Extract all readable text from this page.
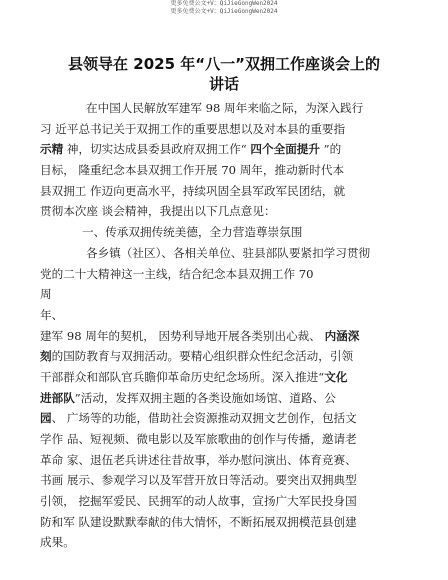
更多免费公文+V：QiJieGongWen2024
更多免费公文+V：QiJieGongWen2024
县领导在 2025 年“八一”双拥工作座谈会上的
讲话
在中国人民解放军建军 98 周年来临之际，为深入践行
习 近平总书记关于双拥工作的重要思想以及对本县的重要指
示精 神，切实达成县委县政府双拥工作“ 四个全面提升 ”的
目标， 隆重纪念本县双拥工作开展 70 周年，推动新时代本
县双拥工 作迈向更高水平，持续巩固全县军政军民团结，就
贯彻本次座 谈会精神，我提出以下几点意见：
一、传承双拥传统美德，全力营造尊崇氛围
各乡镇（社区）、各相关单位、驻县部队要紧扣学习贯彻
党的二十大精神这一主线，结合纪念本县双拥工作 70
周
年、
建军 98 周年的契机， 因势利导地开展各类别出心裁、 内涵深
刻的国防教育与双拥活动。要精心组织群众性纪念活动，引领
干部群众和部队官兵瞻仰革命历史纪念场所。深入推进“文化
进部队”活动，发挥双拥主题的各类设施如场馆、道路、公
园、 广场等的功能，借助社会资源推动双拥文艺创作，包括文
学作 品、短视频、微电影以及军旅歌曲的创作与传播，邀请老
革命 家、退伍老兵讲述往昔故事，举办慰问演出、体育竞赛、
书画 展示、参观学习以及军营开放日等活动。要突出双拥典型
引领， 挖掘军爱民、民拥军的动人故事，宣扬广大军民投身国
防和军 队建设默默奉献的伟大情怀，不断拓展双拥模范县创建
成果。
